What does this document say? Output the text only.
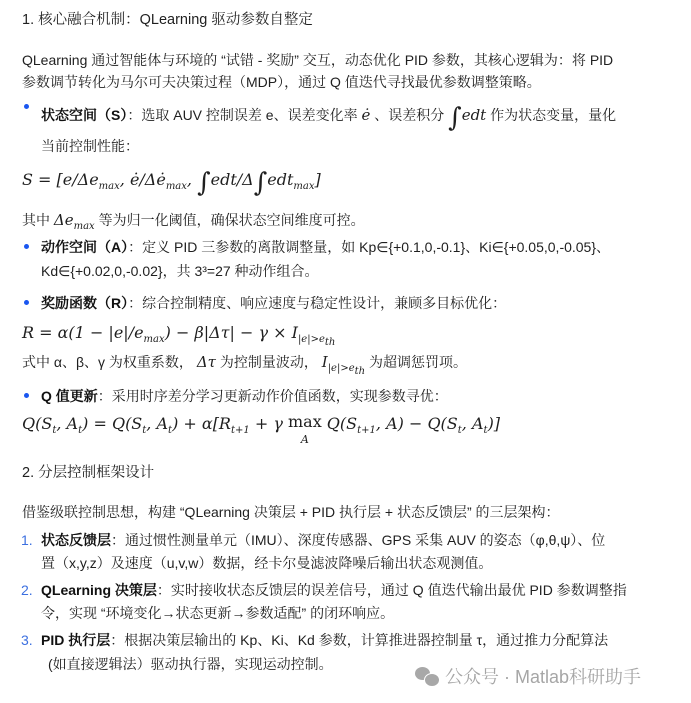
1. 核心融合机制：QLearning 驱动参数自整定
QLearning 通过智能体与环境的 “试错 - 奖励” 交互，动态优化 PID 参数，其核心逻辑为：将 PID
参数调节转化为马尔可夫决策过程（MDP），通过 Q 值迭代寻找最优参数调整策略。
状态空间（S）：选取 AUV 控制误差 e、误差变化率 ė 、误差积分 ∫edt 作为状态变量，量化
当前控制性能：
$S = [e/\Delta e_{max}$, $ė/\Delta ė_{max}$, ∫edt/Δ∫edt$_{max}$]
其中 $\Delta e_{max}$ 等为归一化阈值，确保状态空间维度可控。
动作空间（A）：定义 PID 三参数的离散调整量，如 Kp∈{+0.1,0,-0.1}、Ki∈{+0.05,0,-0.05}、
Kd∈{+0.02,0,-0.02}，共 3³=27 种动作组合。
奖励函数（R）：综合控制精度、响应速度与稳定性设计，兼顾多目标优化：
$R = \alpha(1 - |e|/e_{max}) - \beta|\Delta\tau| - \gamma \times I_{|e|>e_{th}}$
式中 α、β、γ 为权重系数， Δτ 为控制量波动， $I_{|e|>e_{th}}$ 为超调惩罚项。
Q 值更新：采用时序差分学习更新动作价值函数，实现参数寻优：
$Q(S_t$, $A_t) = Q(S_t$, $A_t) + \alpha[R_{t+1} + \gamma$ max
A $Q(S_{t+1}$, $A) - Q(S_t$, $A_t$)]
2. 分层控制框架设计
借鉴级联控制思想，构建 “QLearning 决策层 + PID 执行层 + 状态反馈层” 的三层架构：
1. 状态反馈层：通过惯性测量单元（IMU）、深度传感器、GPS 采集 AUV 的姿态（φ,θ,ψ）、位
置（x,y,z）及速度（u,v,w）数据，经卡尔曼滤波降噪后输出状态观测值。
2. QLearning 决策层：实时接收状态反馈层的误差信号，通过 Q 值迭代输出最优 PID 参数调整指
令，实现 “环境变化→状态更新→参数适配” 的闭环响应。
3. PID 执行层：根据决策层输出的 Kp、Ki、Kd 参数，计算推进器控制量 τ，通过推力分配算法
(如直接逻辑法）驱动执行器，实现运动控制。
公众号 · Matlab科研助手
